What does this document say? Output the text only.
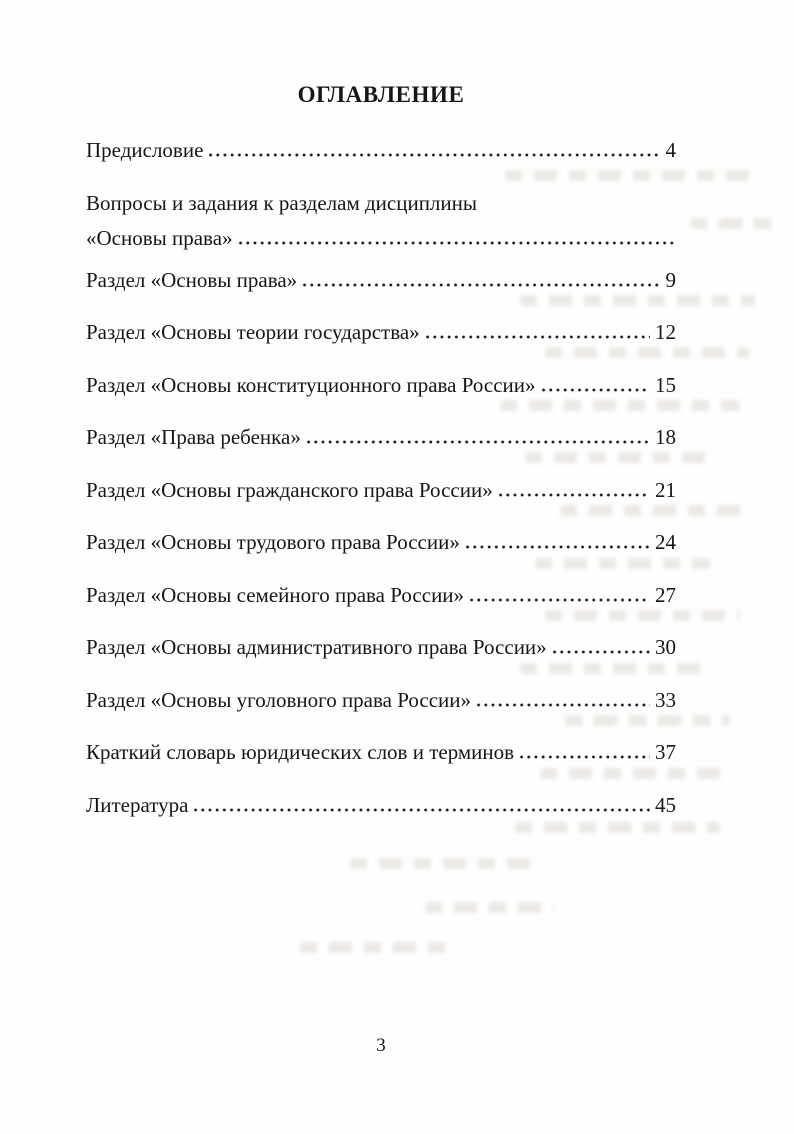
ОГЛАВЛЕНИЕ
Предисловие	4
Вопросы и задания к разделам дисциплины
«Основы права»
Раздел «Основы права»	9
Раздел «Основы теории государства»	12
Раздел «Основы конституционного права России»	15
Раздел «Права ребенка»	18
Раздел «Основы гражданского права России»	21
Раздел «Основы трудового права России»	24
Раздел «Основы семейного права России»	27
Раздел «Основы административного права России»	30
Раздел «Основы уголовного права России»	33
Краткий словарь юридических слов и терминов	37
Литература	45
3
